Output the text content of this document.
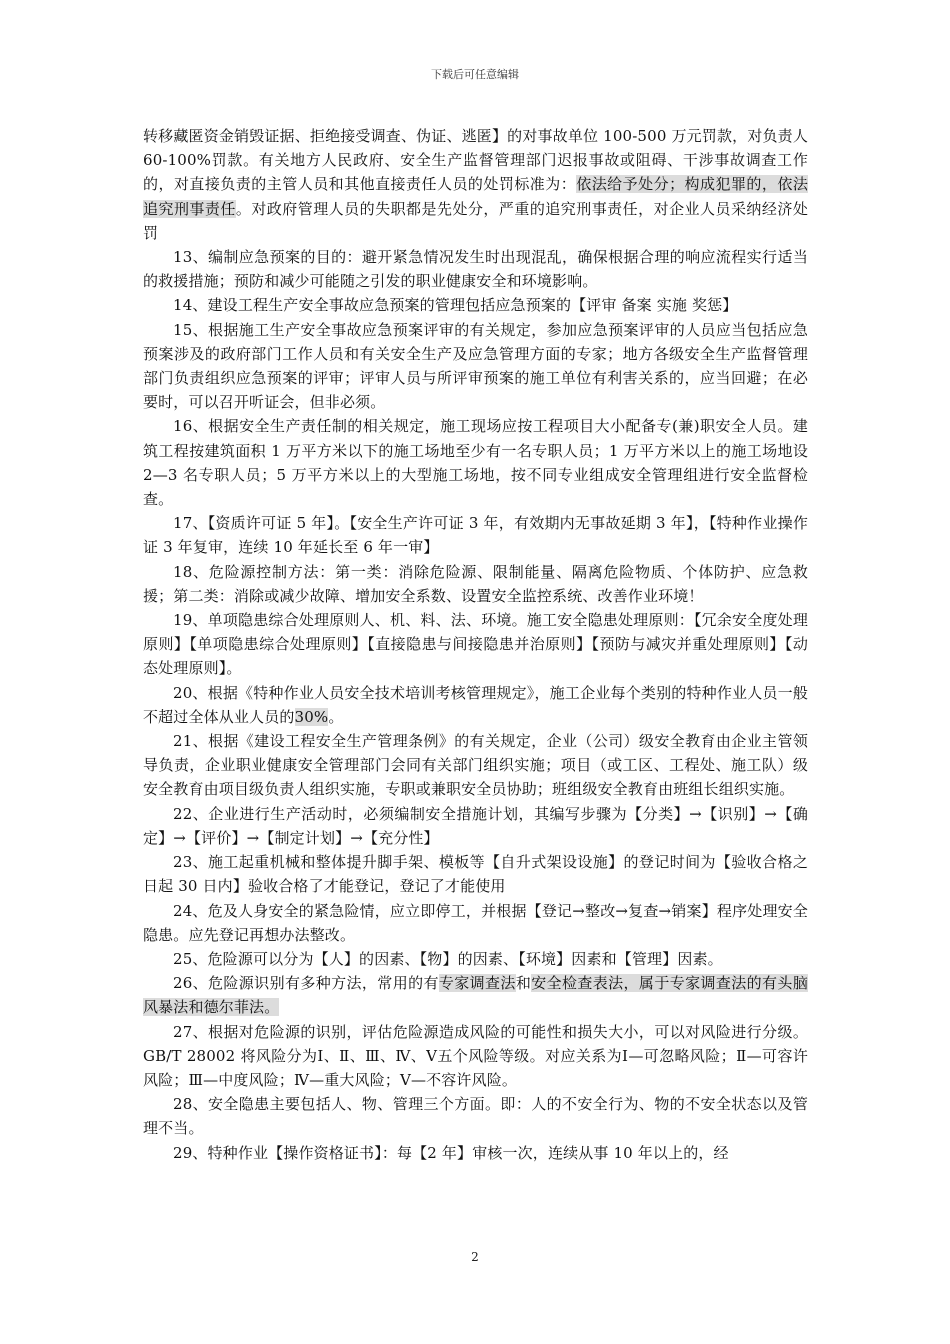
下载后可任意编辑

转移藏匿资金销毁证据、拒绝接受调查、伪证、逃匿】的对事故单位 100-500 万元罚款，对负责人 60-100%罚款。有关地方人民政府、安全生产监督管理部门迟报事故或阻碍、干涉事故调查工作的，对直接负责的主管人员和其他直接责任人员的处罚标准为：依法给予处分；构成犯罪的，依法追究刑事责任。对政府管理人员的失职都是先处分，严重的追究刑事责任，对企业人员采纳经济处罚

13、编制应急预案的目的：避开紧急情况发生时出现混乱，确保根据合理的响应流程实行适当的救援措施；预防和减少可能随之引发的职业健康安全和环境影响。

14、建设工程生产安全事故应急预案的管理包括应急预案的【评审 备案 实施 奖惩】

15、根据施工生产安全事故应急预案评审的有关规定，参加应急预案评审的人员应当包括应急预案涉及的政府部门工作人员和有关安全生产及应急管理方面的专家；地方各级安全生产监督管理部门负责组织应急预案的评审；评审人员与所评审预案的施工单位有利害关系的，应当回避；在必要时，可以召开听证会，但非必须。

16、根据安全生产责任制的相关规定，施工现场应按工程项目大小配备专(兼)职安全人员。建筑工程按建筑面积 1 万平方米以下的施工场地至少有一名专职人员；1 万平方米以上的施工场地设 2—3 名专职人员；5 万平方米以上的大型施工场地，按不同专业组成安全管理组进行安全监督检查。

17、【资质许可证 5 年】。【安全生产许可证 3 年，有效期内无事故延期 3 年】，【特种作业操作证 3 年复审，连续 10 年延长至 6 年一审】

18、危险源控制方法：第一类：消除危险源、限制能量、隔离危险物质、个体防护、应急救援；第二类：消除或减少故障、增加安全系数、设置安全监控系统、改善作业环境！

19、单项隐患综合处理原则人、机、料、法、环境。施工安全隐患处理原则：【冗余安全度处理原则】【单项隐患综合处理原则】【直接隐患与间接隐患并治原则】【预防与减灾并重处理原则】【动态处理原则】。

20、根据《特种作业人员安全技术培训考核管理规定》，施工企业每个类别的特种作业人员一般不超过全体从业人员的30%。

21、根据《建设工程安全生产管理条例》的有关规定，企业（公司）级安全教育由企业主管领导负责，企业职业健康安全管理部门会同有关部门组织实施；项目（或工区、工程处、施工队）级安全教育由项目级负责人组织实施，专职或兼职安全员协助；班组级安全教育由班组长组织实施。

22、企业进行生产活动时，必须编制安全措施计划，其编写步骤为【分类】→【识别】→【确定】→【评价】→【制定计划】→【充分性】

23、施工起重机械和整体提升脚手架、模板等【自升式架设设施】的登记时间为【验收合格之日起 30 日内】验收合格了才能登记，登记了才能使用

24、危及人身安全的紧急险情，应立即停工，并根据【登记→整改→复查→销案】程序处理安全隐患。应先登记再想办法整改。

25、危险源可以分为【人】的因素、【物】的因素、【环境】因素和【管理】因素。

26、危险源识别有多种方法，常用的有专家调查法和安全检查表法，属于专家调查法的有头脑风暴法和德尔菲法。

27、根据对危险源的识别，评估危险源造成风险的可能性和损失大小，可以对风险进行分级。GB/T 28002 将风险分为Ⅰ、Ⅱ、Ⅲ、Ⅳ、Ⅴ五个风险等级。对应关系为Ⅰ—可忽略风险；Ⅱ—可容许风险；Ⅲ—中度风险；Ⅳ—重大风险；Ⅴ—不容许风险。

28、安全隐患主要包括人、物、管理三个方面。即：人的不安全行为、物的不安全状态以及管理不当。

29、特种作业【操作资格证书】：每【2 年】审核一次，连续从事 10 年以上的，经

2
